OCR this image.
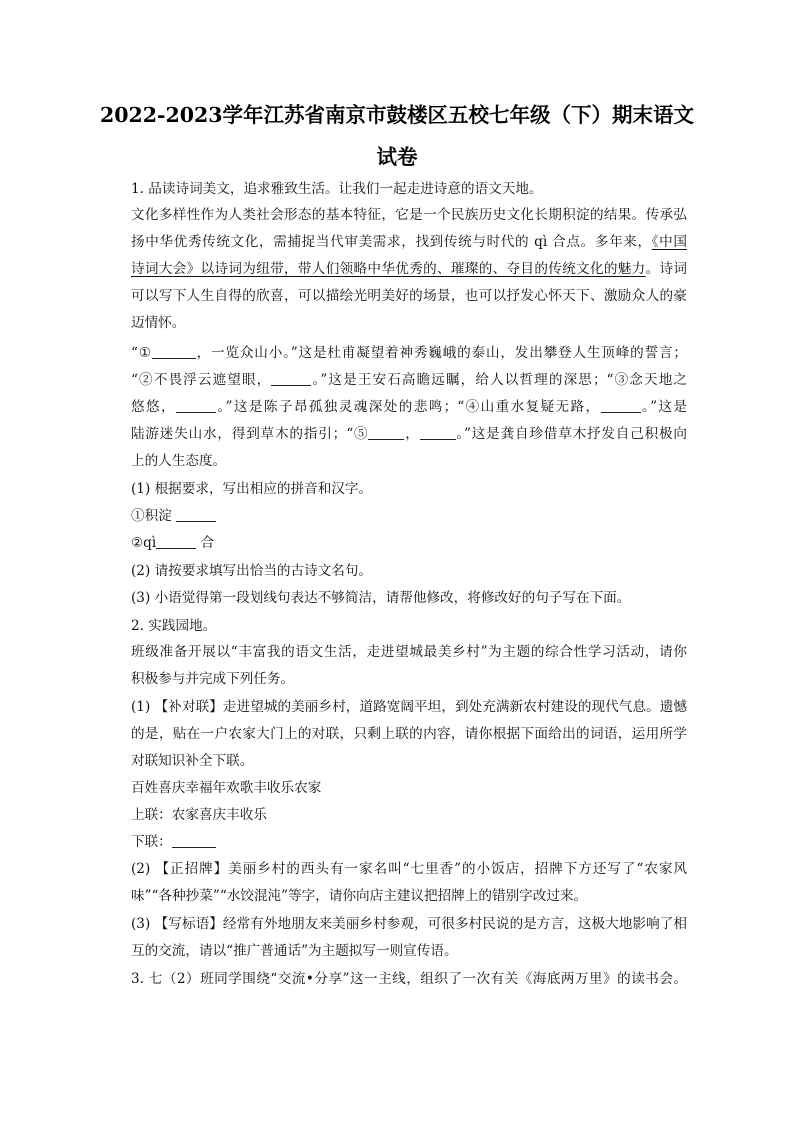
2022-2023学年江苏省南京市鼓楼区五校七年级（下）期末语文
试卷
1. 品读诗词美文，追求雅致生活。让我们一起走进诗意的语文天地。
文化多样性作为人类社会形态的基本特征，它是一个民族历史文化长期积淀的结果。传承弘
扬中华优秀传统文化，需捕捉当代审美需求，找到传统与时代的 qì 合点。多年来，《中国
诗词大会》以诗词为纽带，带人们领略中华优秀的、璀璨的、夺目的传统文化的魅力。诗词
可以写下人生自得的欣喜，可以描绘光明美好的场景，也可以抒发心怀天下、激励众人的豪
迈情怀。
“①	，一览众山小。”这是杜甫凝望着神秀巍峨的泰山，发出攀登人生顶峰的誓言；
“②不畏浮云遮望眼，	。”这是王安石高瞻远瞩，给人以哲理的深思；“③念天地之
悠悠，	。”这是陈子昂孤独灵魂深处的悲鸣；“④山重水复疑无路，	。”这是
陆游迷失山水，得到草木的指引；“⑤	，	。”这是龚自珍借草木抒发自己积极向
上的人生态度。
(1) 根据要求，写出相应的拼音和汉字。
①积淀
②qì	合
(2) 请按要求填写出恰当的古诗文名句。
(3) 小语觉得第一段划线句表达不够简洁，请帮他修改，将修改好的句子写在下面。
2. 实践园地。
班级准备开展以“丰富我的语文生活，走进望城最美乡村”为主题的综合性学习活动，请你
积极参与并完成下列任务。
(1) 【补对联】走进望城的美丽乡村，道路宽阔平坦，到处充满新农村建设的现代气息。遗憾
的是，贴在一户农家大门上的对联，只剩上联的内容，请你根据下面给出的词语，运用所学
对联知识补全下联。
百姓喜庆幸福年欢歌丰收乐农家
上联：农家喜庆丰收乐
下联：
(2) 【正招牌】美丽乡村的西头有一家名叫“七里香”的小饭店，招牌下方还写了“农家风
味”“各种抄菜”“水饺混沌”等字，请你向店主建议把招牌上的错别字改过来。
(3) 【写标语】经常有外地朋友来美丽乡村参观，可很多村民说的是方言，这极大地影响了相
互的交流，请以“推广普通话”为主题拟写一则宣传语。
3. 七（2）班同学围绕“交流•分享”这一主线，组织了一次有关《海底两万里》的读书会。
